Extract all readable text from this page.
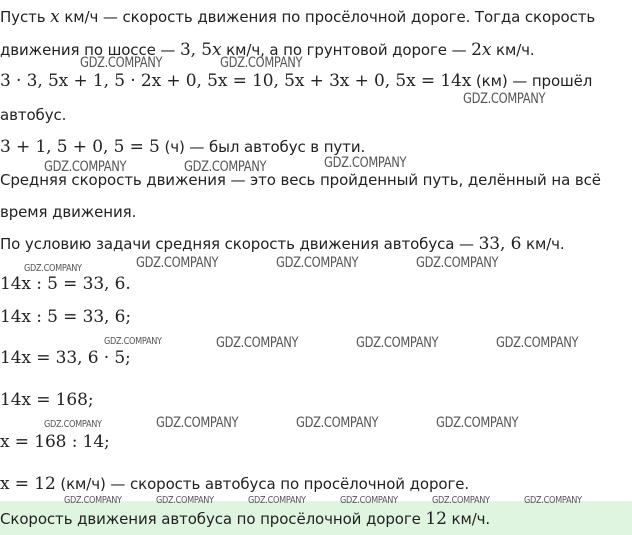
Пусть x км/ч — скорость движения по просёлочной дороге. Тогда скорость
движения по шоссе — 3, 5x км/ч, а по грунтовой дороге — 2x км/ч.
3 · 3, 5x + 1, 5 · 2x + 0, 5x = 10, 5x + 3x + 0, 5x = 14x (км) — прошёл
автобус.
3 + 1, 5 + 0, 5 = 5 (ч) — был автобус в пути.
Средняя скорость движения — это весь пройденный путь, делённый на всё
время движения.
По условию задачи средняя скорость движения автобуса — 33, 6 км/ч.
14x : 5 = 33, 6.
14x : 5 = 33, 6;
14x = 33, 6 · 5;
14x = 168;
x = 168 : 14;
x = 12 (км/ч) — скорость автобуса по просёлочной дороге.
Скорость движения автобуса по просёлочной дороге 12 км/ч.
GDZ.COMPANY	GDZ.COMPANY
GDZ.COMPANY
GDZ.COMPANY	GDZ.COMPANY	GDZ.COMPANY
GDZ.COMPANY	GDZ.COMPANY	GDZ.COMPANY	GDZ.COMPANY
GDZ.COMPANY	GDZ.COMPANY	GDZ.COMPANY	GDZ.COMPANY
GDZ.COMPANY	GDZ.COMPANY	GDZ.COMPANY	GDZ.COMPANY
GDZ.COMPANY	GDZ.COMPANY	GDZ.COMPANY	GDZ.COMPANY	GDZ.COMPANY	GDZ.COMPANY
